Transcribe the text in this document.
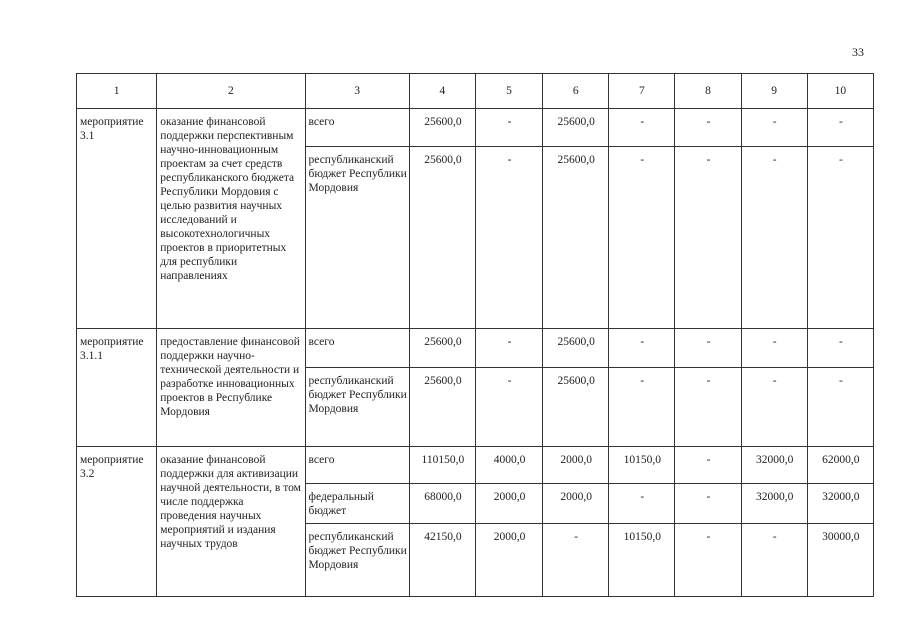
33
1	2	3	4	5	6	7	8	9	10
мероприятие 3.1	оказание финансовой поддержки перспективным научно-инновационным проектам за счет средств республиканского бюджета Республики Мордовия с целью развития научных исследований и высокотехнологичных проектов в приоритетных для республики направлениях	всего	25600,0	-	25600,0	-	-	-	-
		республиканский бюджет Республики Мордовия	25600,0	-	25600,0	-	-	-	-
мероприятие 3.1.1	предоставление финансовой поддержки научно-технической деятельности и разработке инновационных проектов в Республике Мордовия	всего	25600,0	-	25600,0	-	-	-	-
		республиканский бюджет Республики Мордовия	25600,0	-	25600,0	-	-	-	-
мероприятие 3.2	оказание финансовой поддержки для активизации научной деятельности, в том числе поддержка проведения научных мероприятий и издания научных трудов	всего	110150,0	4000,0	2000,0	10150,0	-	32000,0	62000,0
		федеральный бюджет	68000,0	2000,0	2000,0	-	-	32000,0	32000,0
		республиканский бюджет Республики Мордовия	42150,0	2000,0	-	10150,0	-	-	30000,0
